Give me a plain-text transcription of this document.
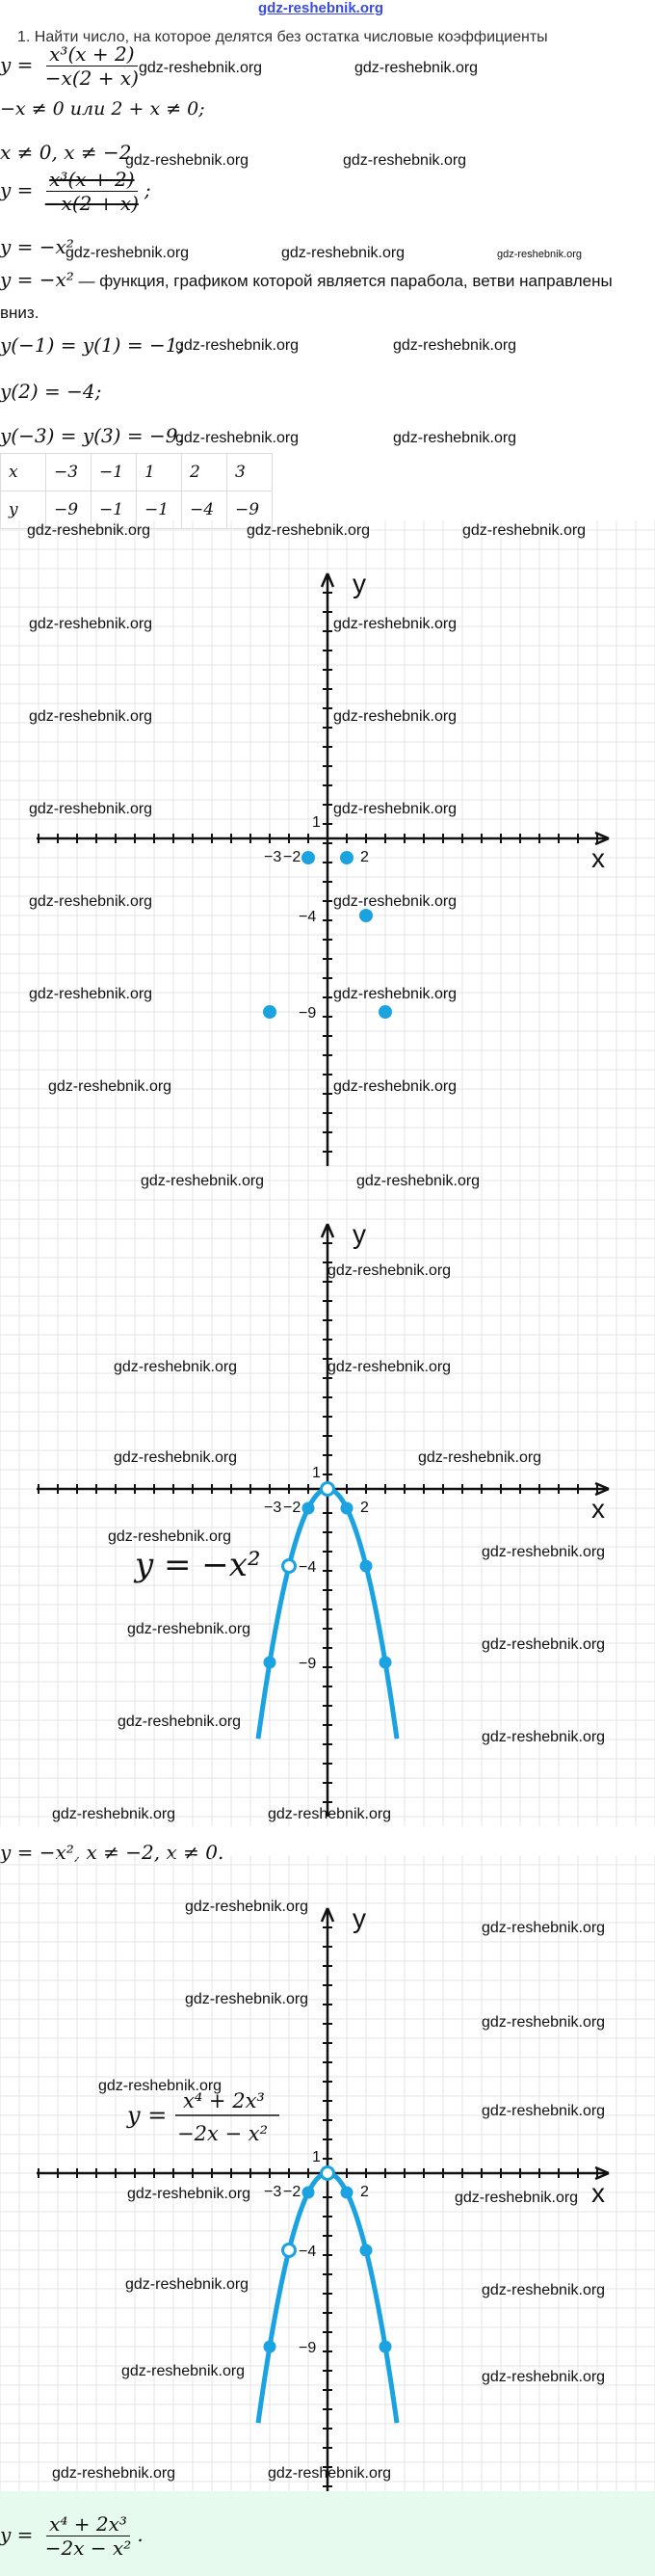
gdz-reshebnik.org
1. Найти число, на которое делятся без остатка числовые коэффициенты
$y = \frac{\text{x³(x + 2)}}{-x(2 + x)}$
gdz-reshebnik.org	gdz-reshebnik.org
−x ≠ 0 или 2 + x ≠ 0;
x ≠ 0, x ≠ −2
gdz-reshebnik.org	gdz-reshebnik.org
$y = \frac{\text{x³(x + 2)}}{-x(2 + x)}$ ;
y = −x²
gdz-reshebnik.org	gdz-reshebnik.org	gdz-reshebnik.org
y = −x² — функция, графиком которой является парабола, ветви направлены вниз.
y(−1) = y(1) = −1;
gdz-reshebnik.org	gdz-reshebnik.org
y(2) = −4;
y(−3) = y(3) = −9.
gdz-reshebnik.org	gdz-reshebnik.org
x	−3	−1	1	2	3
y	−9	−1	−1	−4	−9
x
y
1
−3 −2	2
−4
−9
gdz-reshebnik.org	gdz-reshebnik.org	gdz-reshebnik.org
gdz-reshebnik.org	gdz-reshebnik.org
gdz-reshebnik.org	gdz-reshebnik.org
gdz-reshebnik.org	gdz-reshebnik.org
gdz-reshebnik.org	gdz-reshebnik.org
gdz-reshebnik.org	gdz-reshebnik.org
gdz-reshebnik.org	gdz-reshebnik.org
x
y
1
−3 −2	2
−4
−9
gdz-reshebnik.org	gdz-reshebnik.org
gdz-reshebnik.org
gdz-reshebnik.org	gdz-reshebnik.org
gdz-reshebnik.org	gdz-reshebnik.org
gdz-reshebnik.org
gdz-reshebnik.org
gdz-reshebnik.org
gdz-reshebnik.org
gdz-reshebnik.org
gdz-reshebnik.org
gdz-reshebnik.org	gdz-reshebnik.org
y = −x²
y = −x², x ≠ −2, x ≠ 0.
x
y
1
−3 −2	2
−4
−9
gdz-reshebnik.org
gdz-reshebnik.org
gdz-reshebnik.org
gdz-reshebnik.org
gdz-reshebnik.org
gdz-reshebnik.org
gdz-reshebnik.org	gdz-reshebnik.org
gdz-reshebnik.org	gdz-reshebnik.org
gdz-reshebnik.org	gdz-reshebnik.org
gdz-reshebnik.org	gdz-reshebnik.org
y =
x⁴ + 2x³
−2x − x²
$y = \frac{\text{x⁴ + 2x³}}{\text{−2x − x²}}$ .
